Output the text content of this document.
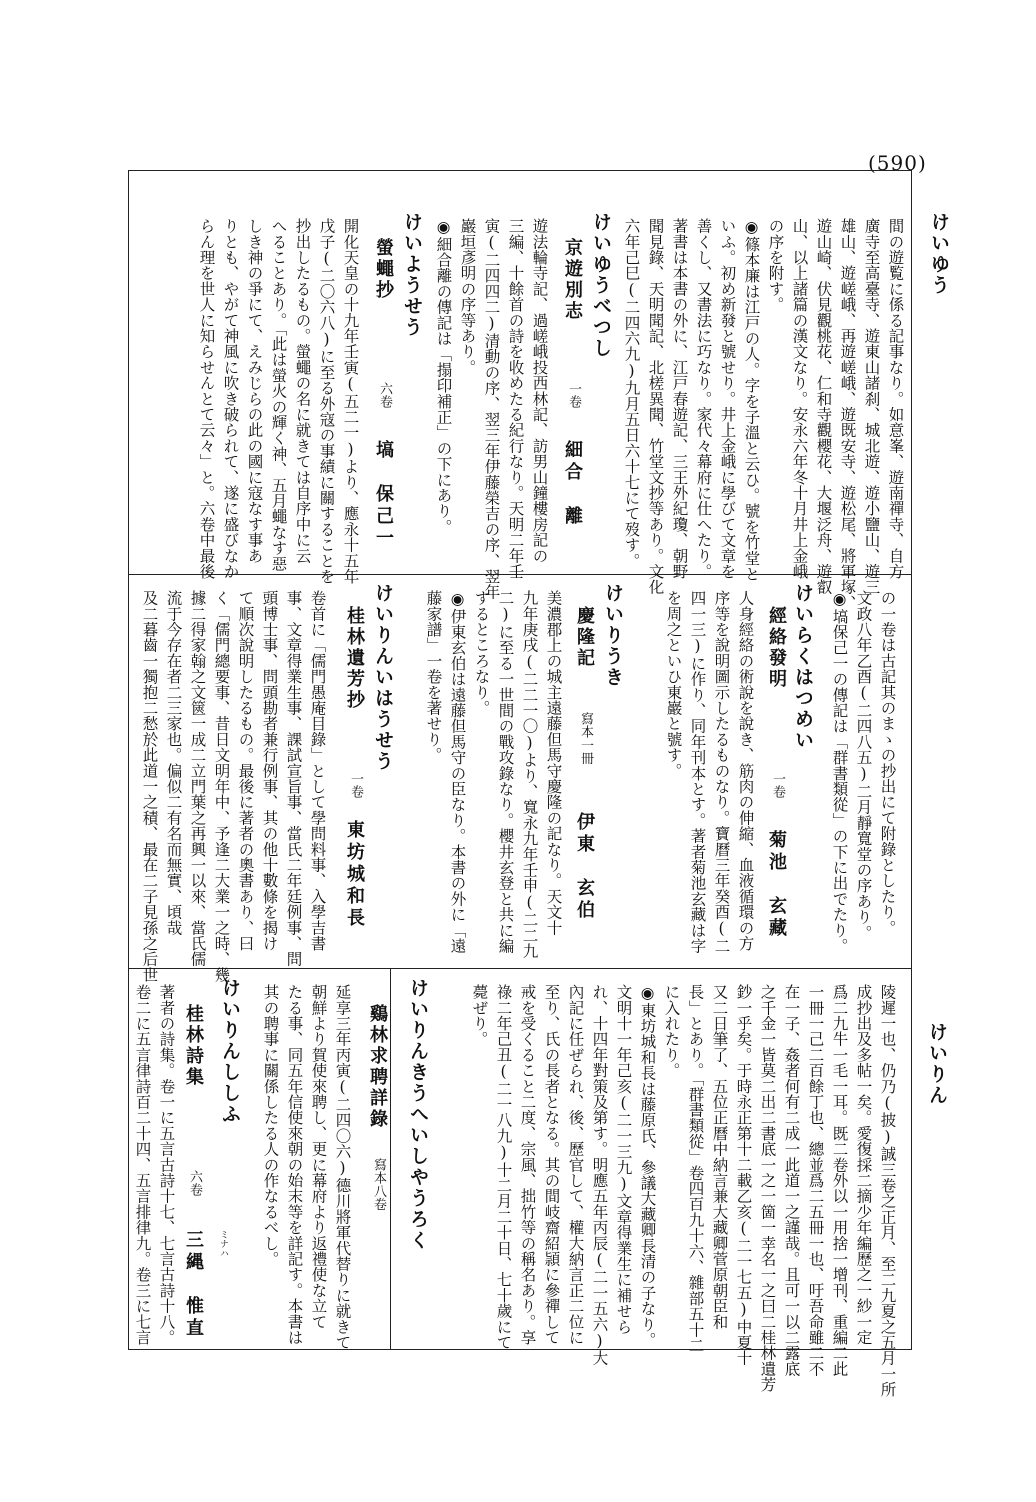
(590)
けいゆう
けいりん
間の遊覧に係る記事なり。如意峯、遊南禪寺、自方
廣寺至高臺寺、遊東山諸刹、城北遊、遊小鹽山、遊三
雄山、遊嵯峨、再遊嵯峨、遊既安寺、遊松尾、將軍塚、
遊山崎、伏見觀桃花、仁和寺觀櫻花、大堰泛舟、遊叡
山、以上諸篇の漢文なり。安永六年冬十月井上金峨
の序を附す。
◉篠本廉は江戸の人。字を子溫と云ひ。號を竹堂と
いふ。初め新發と號せり。井上金峨に學びて文章を
善くし、又書法に巧なり。家代々幕府に仕へたり。
著書は本書の外に、江戸春遊記、三王外紀瓊、朝野
聞見錄、天明聞記、北槎異聞、竹堂文抄等あり。文化
六年己巳(二四六九)九月五日六十七にて歿す。
けいゆうべつし
京遊別志
一卷
細合　離
遊法輪寺記、過嵯峨投西林記、訪男山鐘樓房記の
三編、十餘首の詩を收めたる紀行なり。天明二年壬
寅(二四四二)清動の序、翌三年伊藤榮吉の序、翌年
巖垣彥明の序等あり。
◉細合離の傳記は「搨印補正」の下にあり。
けいようせう
螢蠅抄
六卷
塙　保己一
開化天皇の十九年壬寅(五二一)より、應永十五年
戊子(二〇六八)に至る外寇の事績に關することを
抄出したるもの。螢蠅の名に就きては自序中に云
へることあり。「此は螢火の輝く神、五月蠅なす惡
しき神の爭にて、えみじらの此の國に寇なす事あ
りとも、やがて神風に吹き破られて、遂に盛びなか
らん理を世人に知らせんとて云々」と。六卷中最後
の一卷は古記其のまゝの抄出にて附錄としたり。
文政八年乙酉(二四八五)二月靜寬堂の序あり。
◉塙保己一の傳記は「群書類從」の下に出でたり。
けいらくはつめい
經絡發明
一卷
菊池　玄藏
人身經絡の術說を說き、筋肉の伸縮、血液循環の方
序等を說明圖示したるものなり。寶曆三年癸酉(二
四一三)に作り、同年刊本とす。著者菊池玄藏は字
を周之といひ東巖と號す。
けいりうき
慶隆記
寫本一冊
伊東　玄伯
美濃郡上の城主遠藤但馬守慶隆の記なり。天文十
九年庚戌(二二一〇)より、寬永九年壬申(二二九
二)に至る一世間の戰攻錄なり。櫻井玄登と共に編
するところなり。
◉伊東玄伯は遠藤但馬守の臣なり。本書の外に「遠
藤家譜」一卷を著せり。
けいりんいはうせう
桂林遺芳抄
一卷
東坊城和長
卷首に「儒門愚庵目錄」として學問料事、入學吉書
事、文章得業生事、課試宣旨事、當氏二年廷例事、問
頭博士事、問頭勘者兼行例事、其の他十數條を揭け
て順次說明したるもの。最後に著者の奧書あり、曰
く「儒門總要事、昔日文明年中、予逢二大業一之時、幾
據二得家翰之文篋一成二立門葉之再興一以來、當氏儒
流于今存在者二三家也。偏似二有名而無實、頃哉
及二暮齒一獨抱二愁於此道一之積、最在二子見孫之后世
陵遲一也、仍乃(披)誠三卷之正月、至二九夏之五月一所
成抄出及多帖一矣。愛復採二摘少年編歷之一紗一定
爲二九牛一毛一耳。既二卷外以一用捨一增刊、重編二此
一冊一己二百餘丁也、總並爲二五冊一也、吁吾命雖二不
在一子、姦者何有二成一此道一之謹哉。且可一以二露底
之千金一皆莫二出二書底一之一箇一幸名一之曰二桂林遺芳
鈔一乎矣。于時永正第十二載乙亥(二一七五)中夏十
又二日筆了、五位正曆中納言兼大藏卿菅原朝臣和
長」とあり。「群書類從」卷四百九十六、雜部五十二
に入れたり。
◉東坊城和長は藤原氏、參議大藏卿長清の子なり。
文明十一年己亥(二一三九)文章得業生に補せら
れ、十四年對策及第す。明應五年丙辰(二一五六)大
內記に任ぜられ、後、歷官して、權大納言正二位に
至り、氏の長者となる。其の間岐齋紹頴に參禪して
戒を受くること二度、宗風、拙竹等の稱名あり。享
祿二年己丑(二一八九)十二月二十日、七十歲にて
薨ぜり。
けいりんきうへいしやうろく
鷄林求聘詳錄
寫本八卷
延享三年丙寅(二四〇六)德川將軍代替りに就きて
朝鮮より賀使來聘し、更に幕府より返禮使な立て
たる事、同五年信使來朝の始末等を詳記す。本書は
其の聘事に關係したる人の作なるべし。
けいりんししふ
桂林詩集
六卷
ミナハ
三縄　惟直
著者の詩集。卷一に五言古詩十七、七言古詩十八。
卷二に五言律詩百二十四、五言排律九。卷三に七言
